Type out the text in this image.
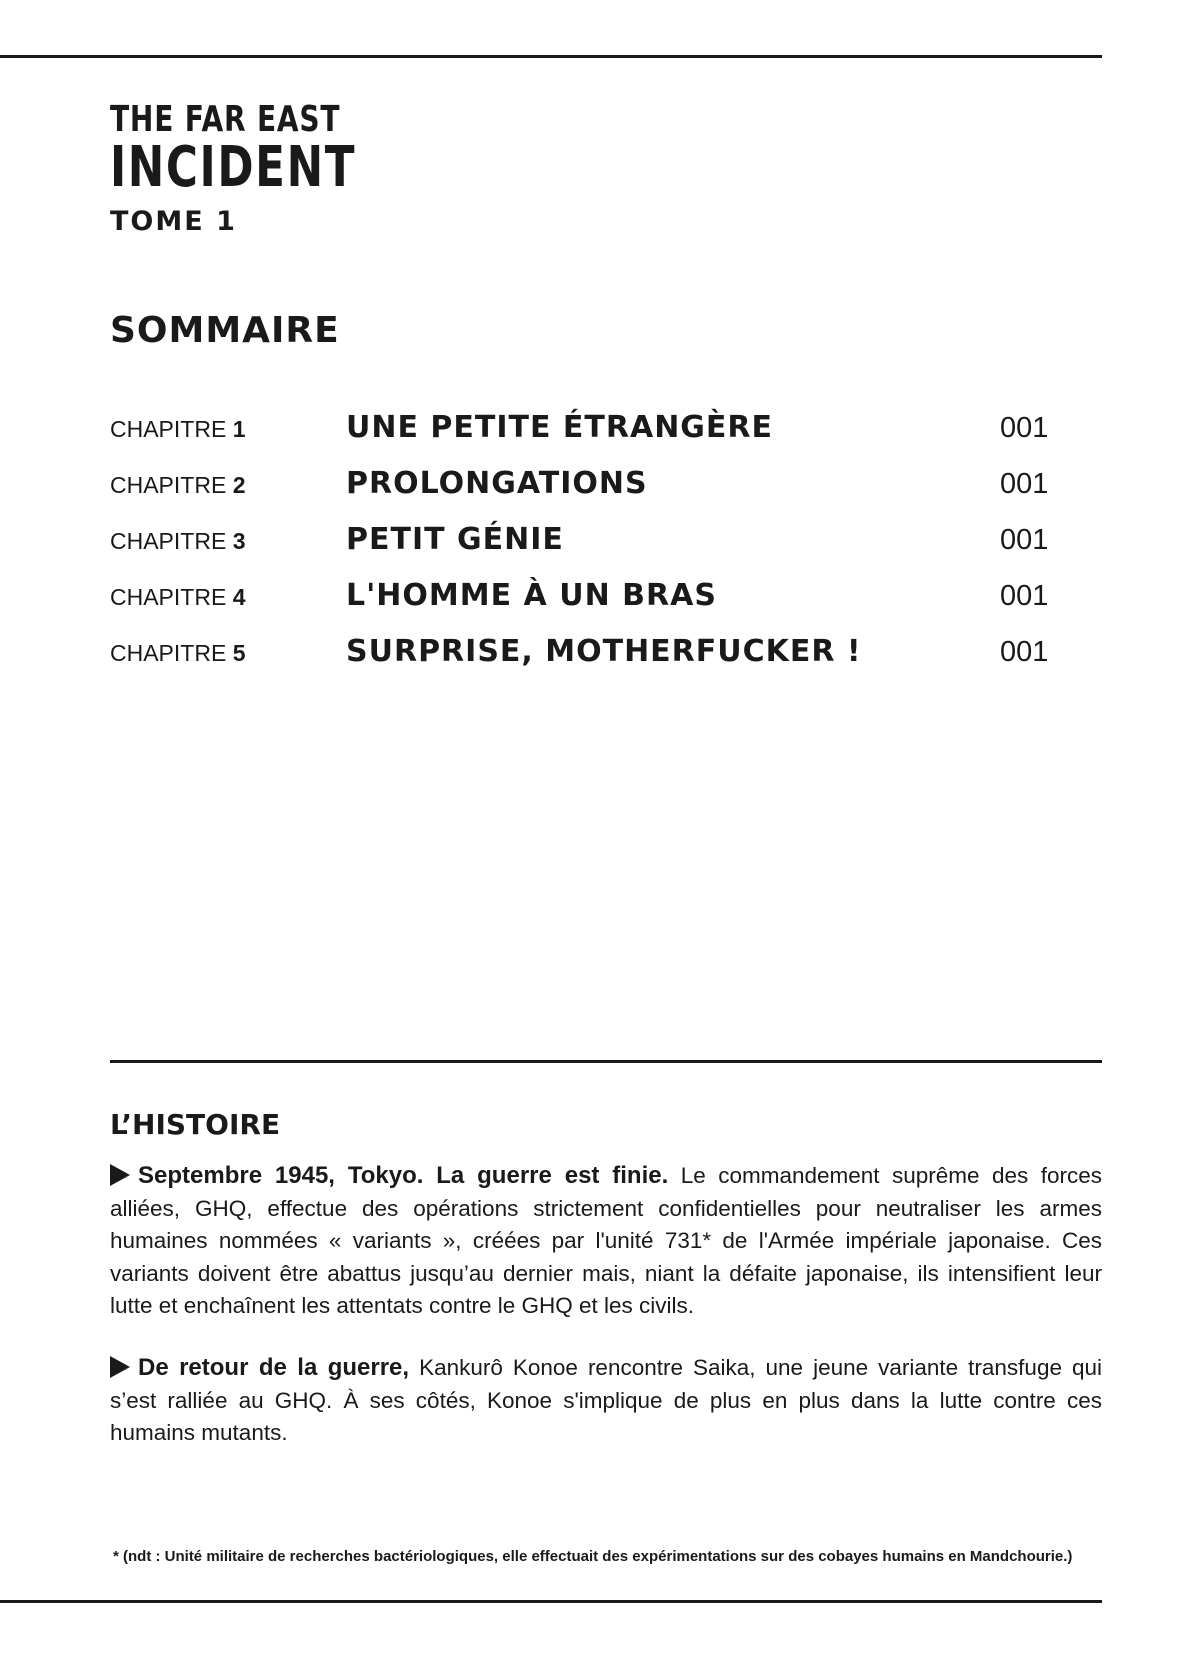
THE FAR EAST
INCIDENT
TOME 1
SOMMAIRE
CHAPITRE 1	UNE PETITE ÉTRANGÈRE	001
CHAPITRE 2	PROLONGATIONS	001
CHAPITRE 3	PETIT GÉNIE	001
CHAPITRE 4	L'HOMME À UN BRAS	001
CHAPITRE 5	SURPRISE, MOTHERFUCKER !	001
L’HISTOIRE
Septembre 1945, Tokyo. La guerre est finie. Le commandement suprême des forces alliées, GHQ, effectue des opérations strictement confidentielles pour neutraliser les armes humaines nommées « variants », créées par l'unité 731* de l'Armée impériale japonaise. Ces variants doivent être abattus jusqu’au dernier mais, niant la défaite japonaise, ils intensifient leur lutte et enchaînent les attentats contre le GHQ et les civils.
De retour de la guerre, Kankurô Konoe rencontre Saika, une jeune variante transfuge qui s’est ralliée au GHQ. À ses côtés, Konoe s'implique de plus en plus dans la lutte contre ces humains mutants.
* (ndt : Unité militaire de recherches bactériologiques, elle effectuait des expérimentations sur des cobayes humains en Mandchourie.)
